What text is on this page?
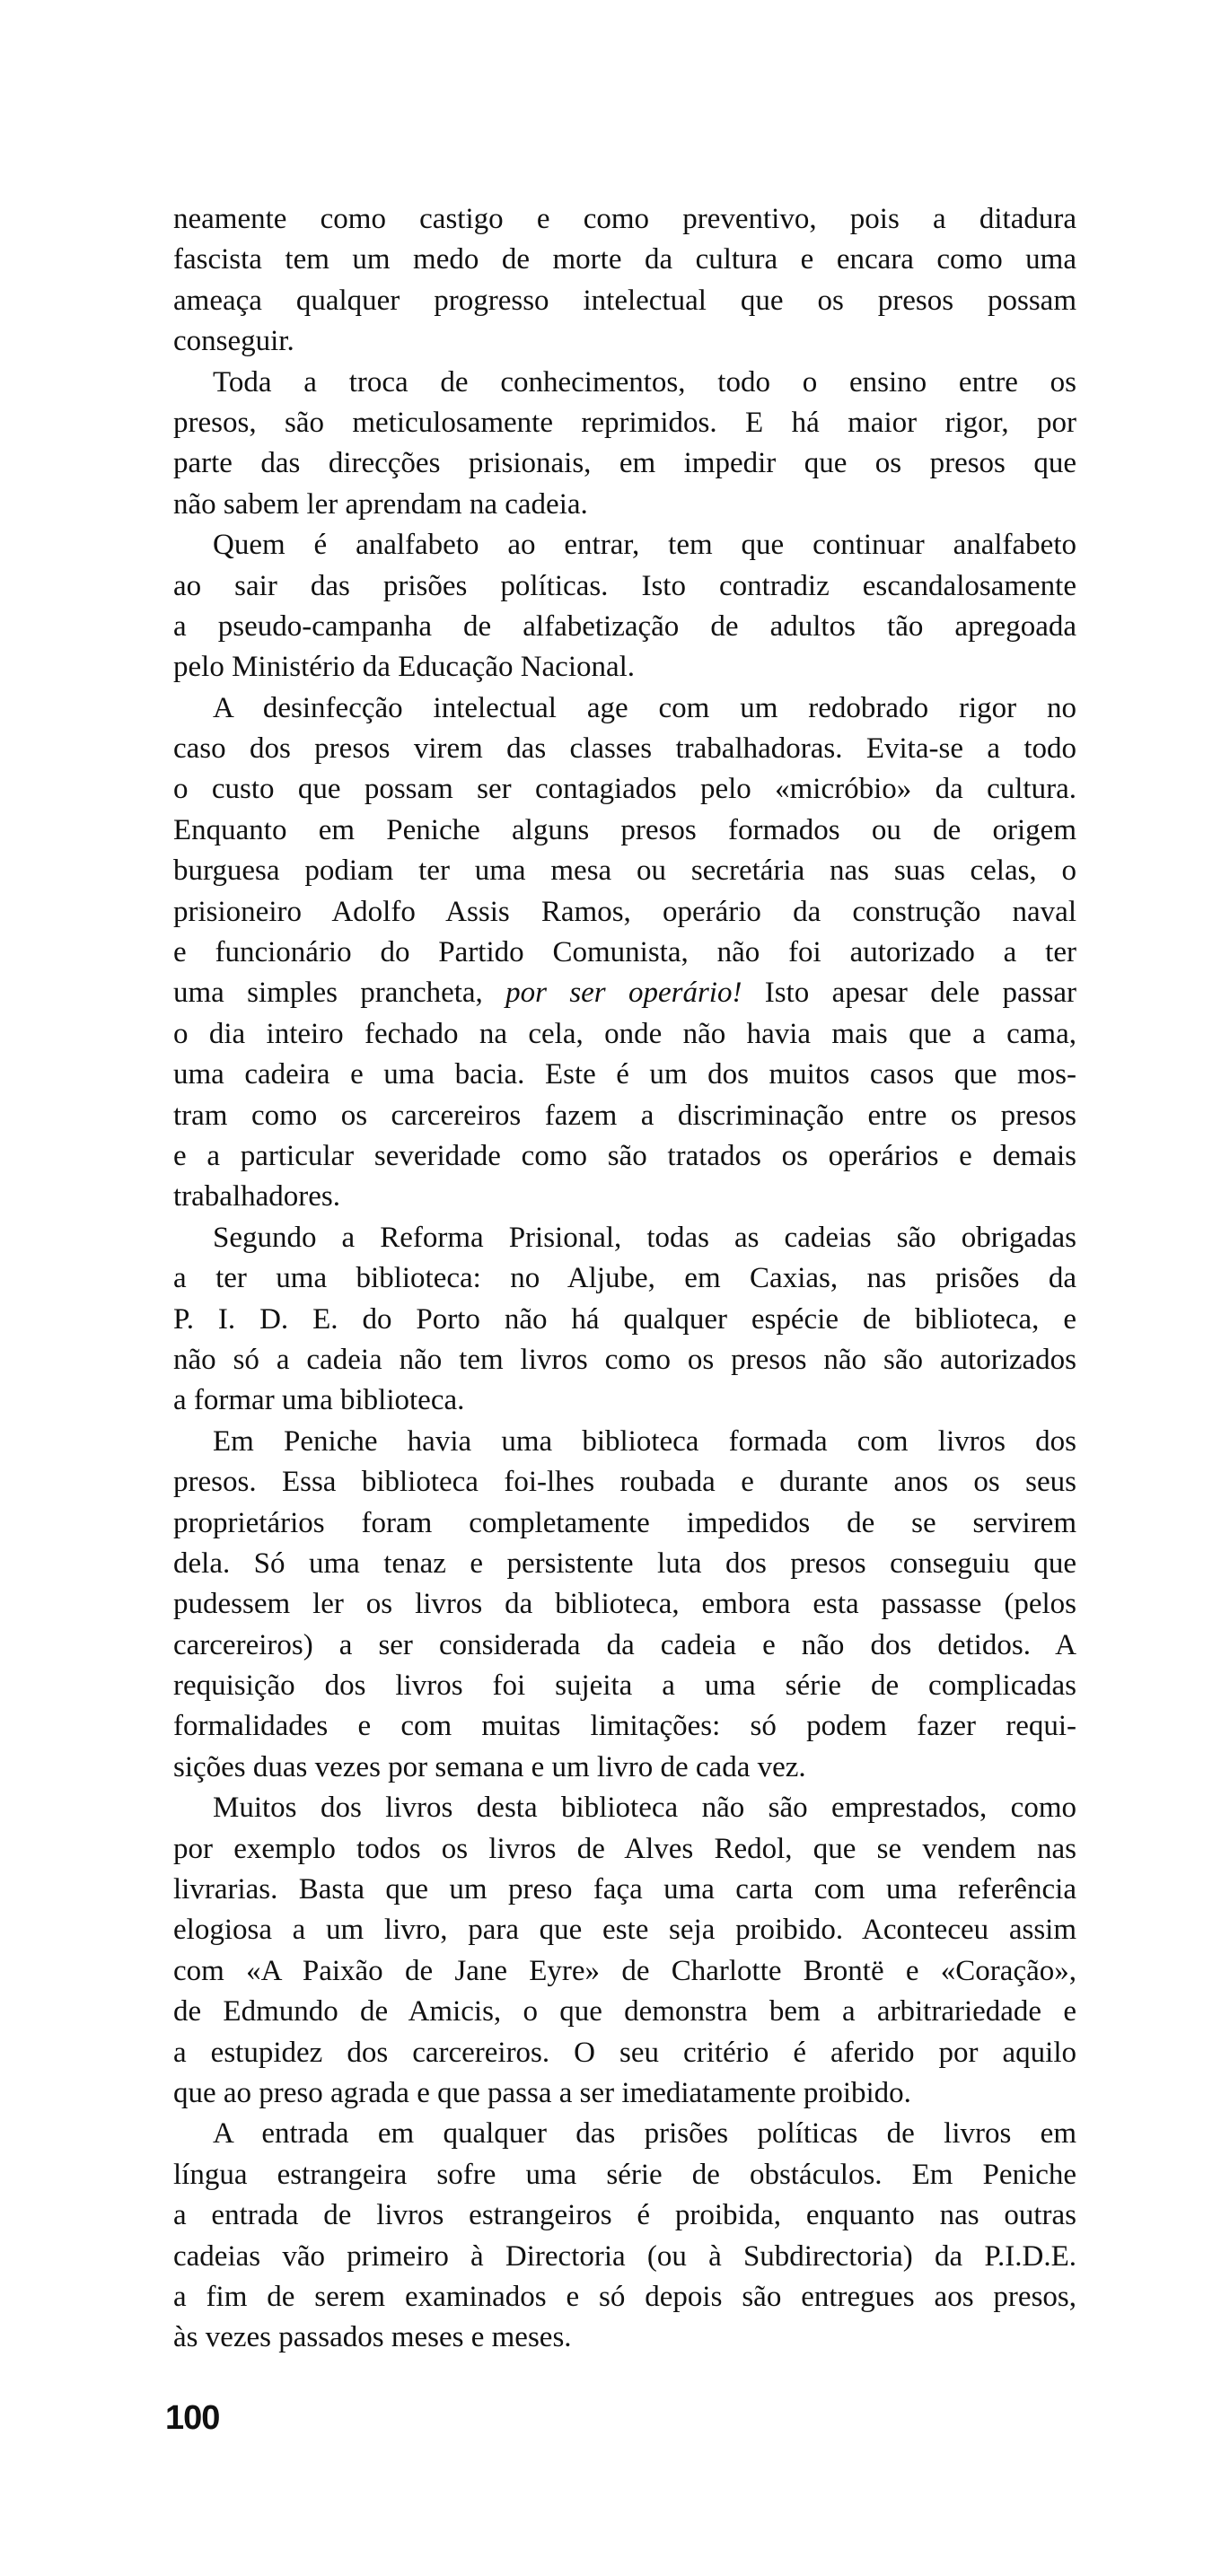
neamente como castigo e como preventivo, pois a ditadura
fascista tem um medo de morte da cultura e encara como uma
ameaça qualquer progresso intelectual que os presos possam
conseguir.
Toda a troca de conhecimentos, todo o ensino entre os
presos, são meticulosamente reprimidos. E há maior rigor, por
parte das direcções prisionais, em impedir que os presos que
não sabem ler aprendam na cadeia.
Quem é analfabeto ao entrar, tem que continuar analfabeto
ao sair das prisões políticas. Isto contradiz escandalosamente
a pseudo-campanha de alfabetização de adultos tão apregoada
pelo Ministério da Educação Nacional.
A desinfecção intelectual age com um redobrado rigor no
caso dos presos virem das classes trabalhadoras. Evita-se a todo
o custo que possam ser contagiados pelo «micróbio» da cultura.
Enquanto em Peniche alguns presos formados ou de origem
burguesa podiam ter uma mesa ou secretária nas suas celas, o
prisioneiro Adolfo Assis Ramos, operário da construção naval
e funcionário do Partido Comunista, não foi autorizado a ter
uma simples prancheta, por ser operário! Isto apesar dele passar
o dia inteiro fechado na cela, onde não havia mais que a cama,
uma cadeira e uma bacia. Este é um dos muitos casos que mos-
tram como os carcereiros fazem a discriminação entre os presos
e a particular severidade como são tratados os operários e demais
trabalhadores.
Segundo a Reforma Prisional, todas as cadeias são obrigadas
a ter uma biblioteca: no Aljube, em Caxias, nas prisões da
P. I. D. E. do Porto não há qualquer espécie de biblioteca, e
não só a cadeia não tem livros como os presos não são autorizados
a formar uma biblioteca.
Em Peniche havia uma biblioteca formada com livros dos
presos. Essa biblioteca foi-lhes roubada e durante anos os seus
proprietários foram completamente impedidos de se servirem
dela. Só uma tenaz e persistente luta dos presos conseguiu que
pudessem ler os livros da biblioteca, embora esta passasse (pelos
carcereiros) a ser considerada da cadeia e não dos detidos. A
requisição dos livros foi sujeita a uma série de complicadas
formalidades e com muitas limitações: só podem fazer requi-
sições duas vezes por semana e um livro de cada vez.
Muitos dos livros desta biblioteca não são emprestados, como
por exemplo todos os livros de Alves Redol, que se vendem nas
livrarias. Basta que um preso faça uma carta com uma referência
elogiosa a um livro, para que este seja proibido. Aconteceu assim
com «A Paixão de Jane Eyre» de Charlotte Brontë e «Coração»,
de Edmundo de Amicis, o que demonstra bem a arbitrariedade e
a estupidez dos carcereiros. O seu critério é aferido por aquilo
que ao preso agrada e que passa a ser imediatamente proibido.
A entrada em qualquer das prisões políticas de livros em
língua estrangeira sofre uma série de obstáculos. Em Peniche
a entrada de livros estrangeiros é proibida, enquanto nas outras
cadeias vão primeiro à Directoria (ou à Subdirectoria) da P.I.D.E.
a fim de serem examinados e só depois são entregues aos presos,
às vezes passados meses e meses.
100
